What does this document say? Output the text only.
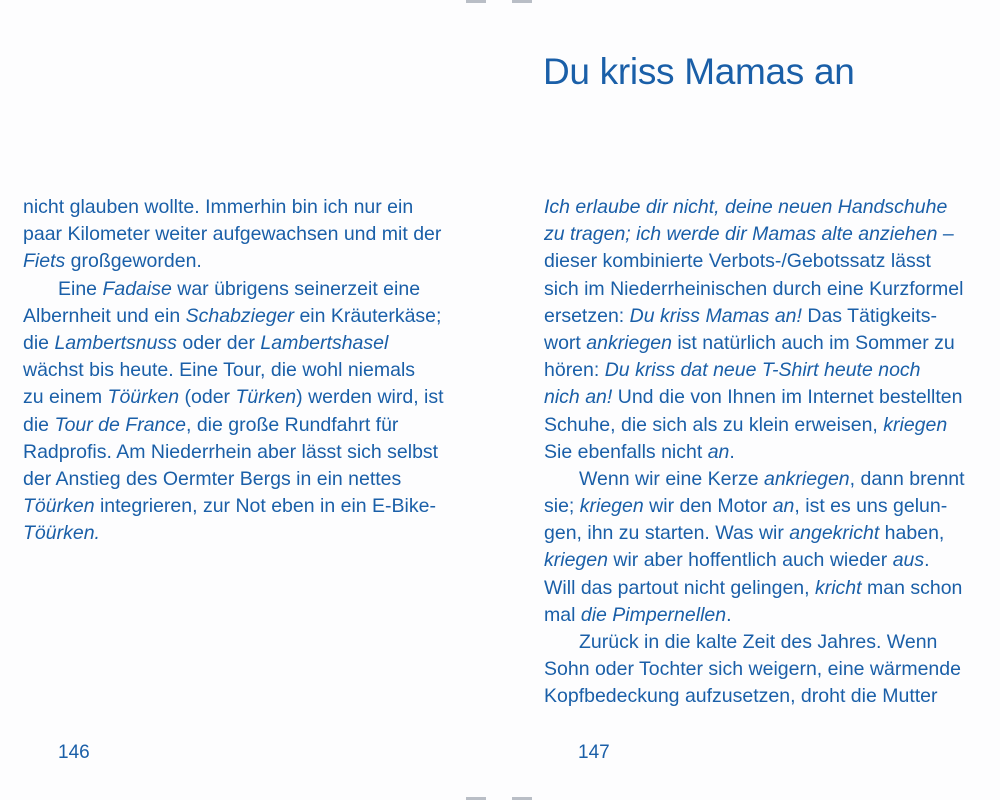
nicht glauben wollte. Immerhin bin ich nur ein
paar Kilometer weiter aufgewachsen und mit der
Fiets großgeworden.
Eine Fadaise war übrigens seinerzeit eine
Albernheit und ein Schabzieger ein Kräuterkäse;
die Lambertsnuss oder der Lambertshasel
wächst bis heute. Eine Tour, die wohl niemals
zu einem Töürken (oder Türken) werden wird, ist
die Tour de France, die große Rundfahrt für
Radprofis. Am Niederrhein aber lässt sich selbst
der Anstieg des Oermter Bergs in ein nettes
Töürken integrieren, zur Not eben in ein E-Bike-
Töürken.

146
Du kriss Mamas an

Ich erlaube dir nicht, deine neuen Handschuhe
zu tragen; ich werde dir Mamas alte anziehen –
dieser kombinierte Verbots-/Gebotssatz lässt
sich im Niederrheinischen durch eine Kurzformel
ersetzen: Du kriss Mamas an! Das Tätigkeits-
wort ankriegen ist natürlich auch im Sommer zu
hören: Du kriss dat neue T-Shirt heute noch
nich an! Und die von Ihnen im Internet bestellten
Schuhe, die sich als zu klein erweisen, kriegen
Sie ebenfalls nicht an.
Wenn wir eine Kerze ankriegen, dann brennt
sie; kriegen wir den Motor an, ist es uns gelun-
gen, ihn zu starten. Was wir angekricht haben,
kriegen wir aber hoffentlich auch wieder aus.
Will das partout nicht gelingen, kricht man schon
mal die Pimpernellen.
Zurück in die kalte Zeit des Jahres. Wenn
Sohn oder Tochter sich weigern, eine wärmende
Kopfbedeckung aufzusetzen, droht die Mutter

147
